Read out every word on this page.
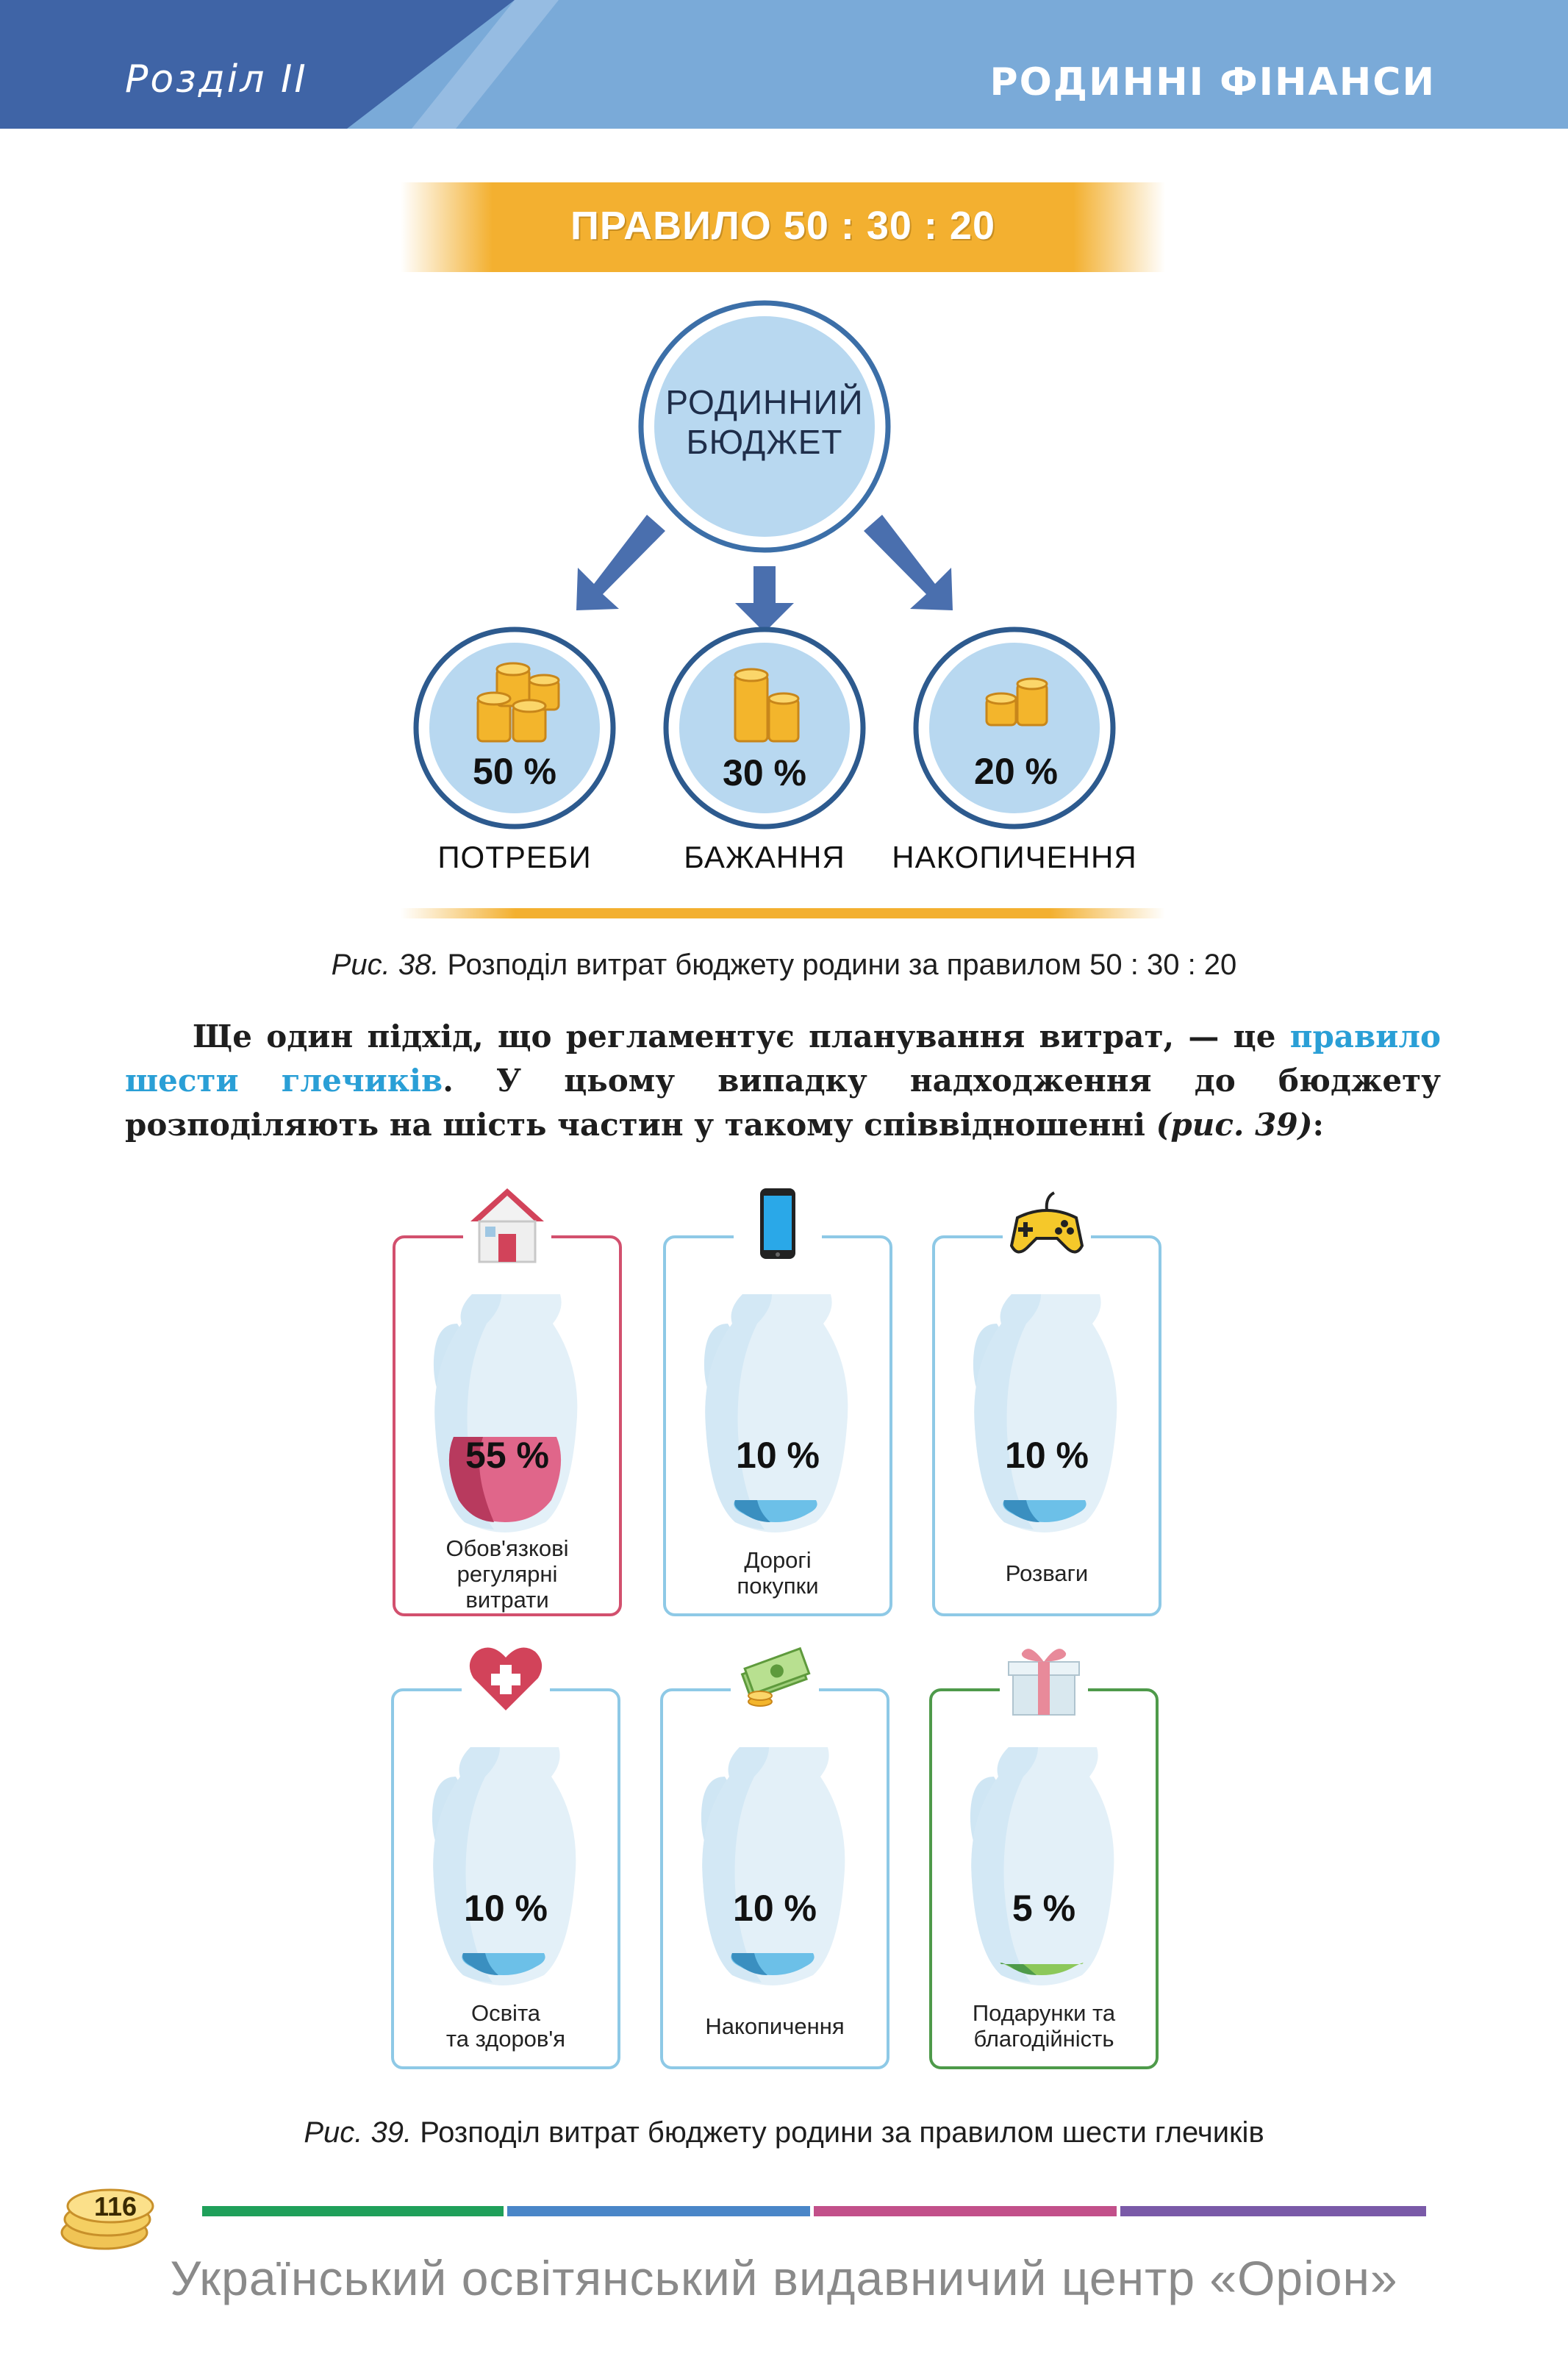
Розділ II	РОДИННІ ФІНАНСИ
ПРАВИЛО 50 : 30 : 20
РОДИННИЙ
БЮДЖЕТ
50 %	30 %	20 %
ПОТРЕБИ	БАЖАННЯ	НАКОПИЧЕННЯ
Рис. 38. Розподіл витрат бюджету родини за правилом 50 : 30 : 20
Ще один підхід, що регламентує планування витрат, — це правило шести глечиків. У цьому випадку надходження до бюджету розподіляють на шість частин у такому співвідношенні (рис. 39):
55 %
Обов'язкові
регулярні
витрати
10 %
Дорогі
покупки
10 %
Розваги
10 %
Освіта
та здоров'я
10 %
Накопичення
5 %
Подарунки та
благодійність
Рис. 39. Розподіл витрат бюджету родини за правилом шести глечиків
116
Український освітянський видавничий центр «Оріон»
